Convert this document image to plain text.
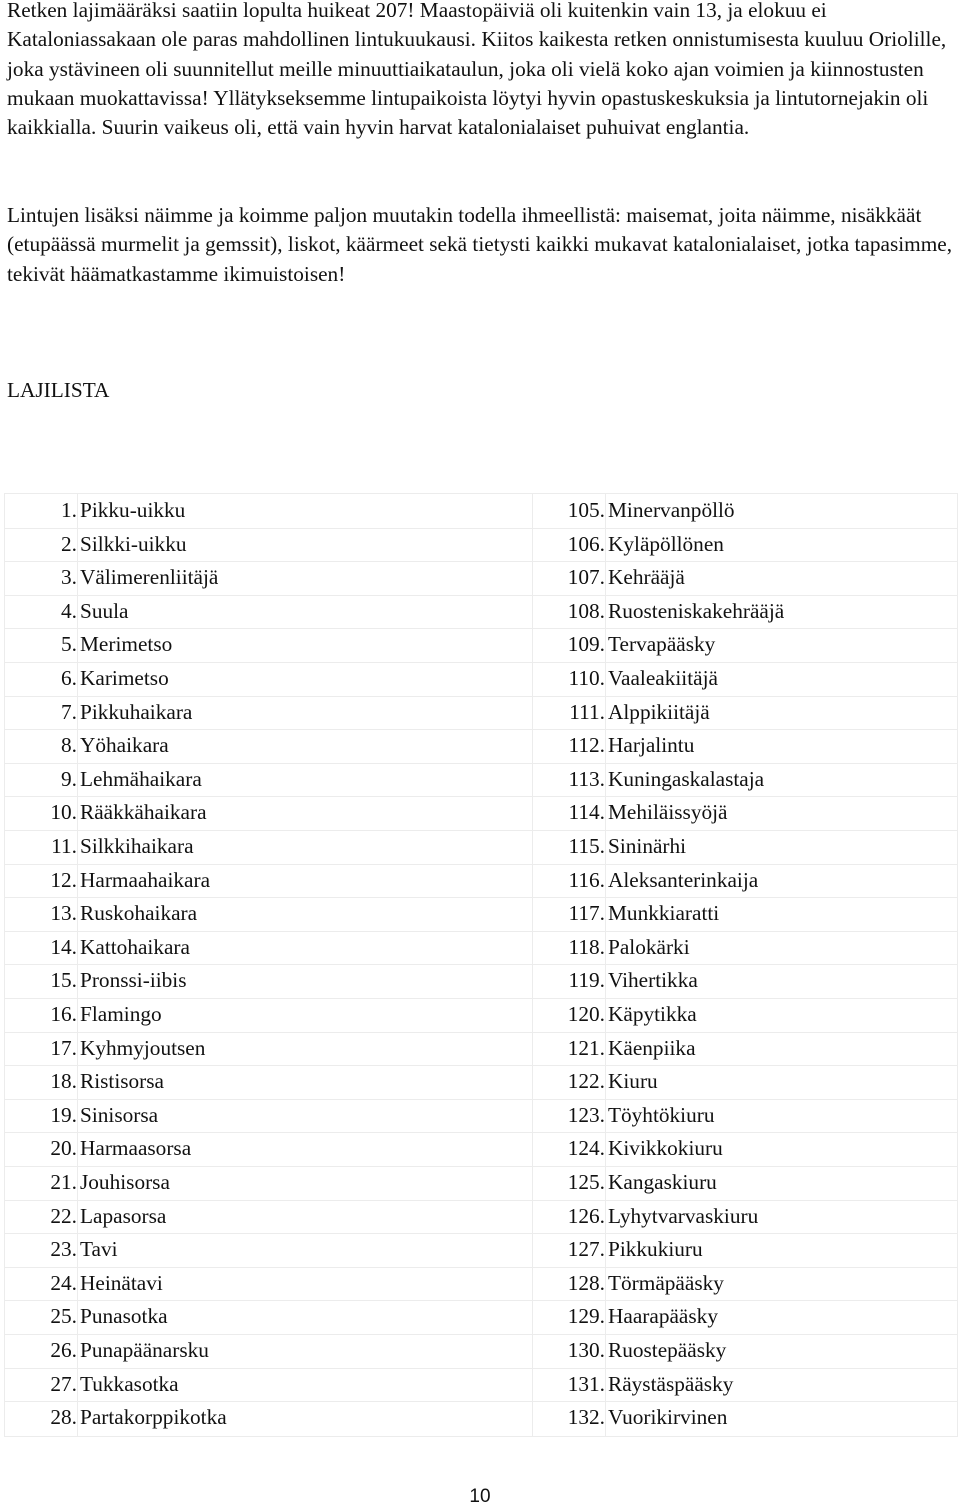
Retken lajimääräksi saatiin lopulta huikeat 207! Maastopäiviä oli kuitenkin vain 13, ja elokuu ei Kataloniassakaan ole paras mahdollinen lintukuukausi. Kiitos kaikesta retken onnistumisesta kuuluu Oriolille, joka ystävineen oli suunnitellut meille minuuttiaikataulun, joka oli vielä koko ajan voimien ja kiinnostusten mukaan muokattavissa! Yllätykseksemme lintupaikoista löytyi hyvin opastuskeskuksia ja lintutornejakin oli kaikkialla. Suurin vaikeus oli, että vain hyvin harvat katalonialaiset puhuivat englantia.

Lintujen lisäksi näimme ja koimme paljon muutakin todella ihmeellistä: maisemat, joita näimme, nisäkkäät (etupäässä murmelit ja gemssit), liskot, käärmeet sekä tietysti kaikki mukavat katalonialaiset, jotka tapasimme, tekivät häämatkastamme ikimuistoisen!

LAJILISTA
1. Pikku-uikku
2. Silkki-uikku
3. Välimerenliitäjä
4. Suula
5. Merimetso
6. Karimetso
7. Pikkuhaikara
8. Yöhaikara
9. Lehmähaikara
10. Rääkkähaikara
11. Silkkihaikara
12. Harmaahaikara
13. Ruskohaikara
14. Kattohaikara
15. Pronssi-iibis
16. Flamingo
17. Kyhmyjoutsen
18. Ristisorsa
19. Sinisorsa
20. Harmaasorsa
21. Jouhisorsa
22. Lapasorsa
23. Tavi
24. Heinätavi
25. Punasotka
26. Punapäänarsku
27. Tukkasotka
28. Partakorppikotka
105. Minervanpöllö
106. Kyläpöllönen
107. Kehrääjä
108. Ruosteniskakehrääjä
109. Tervapääsky
110. Vaaleakiitäjä
111. Alppikiitäjä
112. Harjalintu
113. Kuningaskalastaja
114. Mehiläissyöjä
115. Sininärhi
116. Aleksanterinkaija
117. Munkkiaratti
118. Palokärki
119. Vihertikka
120. Käpytikka
121. Käenpiika
122. Kiuru
123. Töyhtökiuru
124. Kivikkokiuru
125. Kangaskiuru
126. Lyhytvarvaskiuru
127. Pikkukiuru
128. Törmäpääsky
129. Haarapääsky
130. Ruostepääsky
131. Räystäspääsky
132. Vuorikirvinen
10
